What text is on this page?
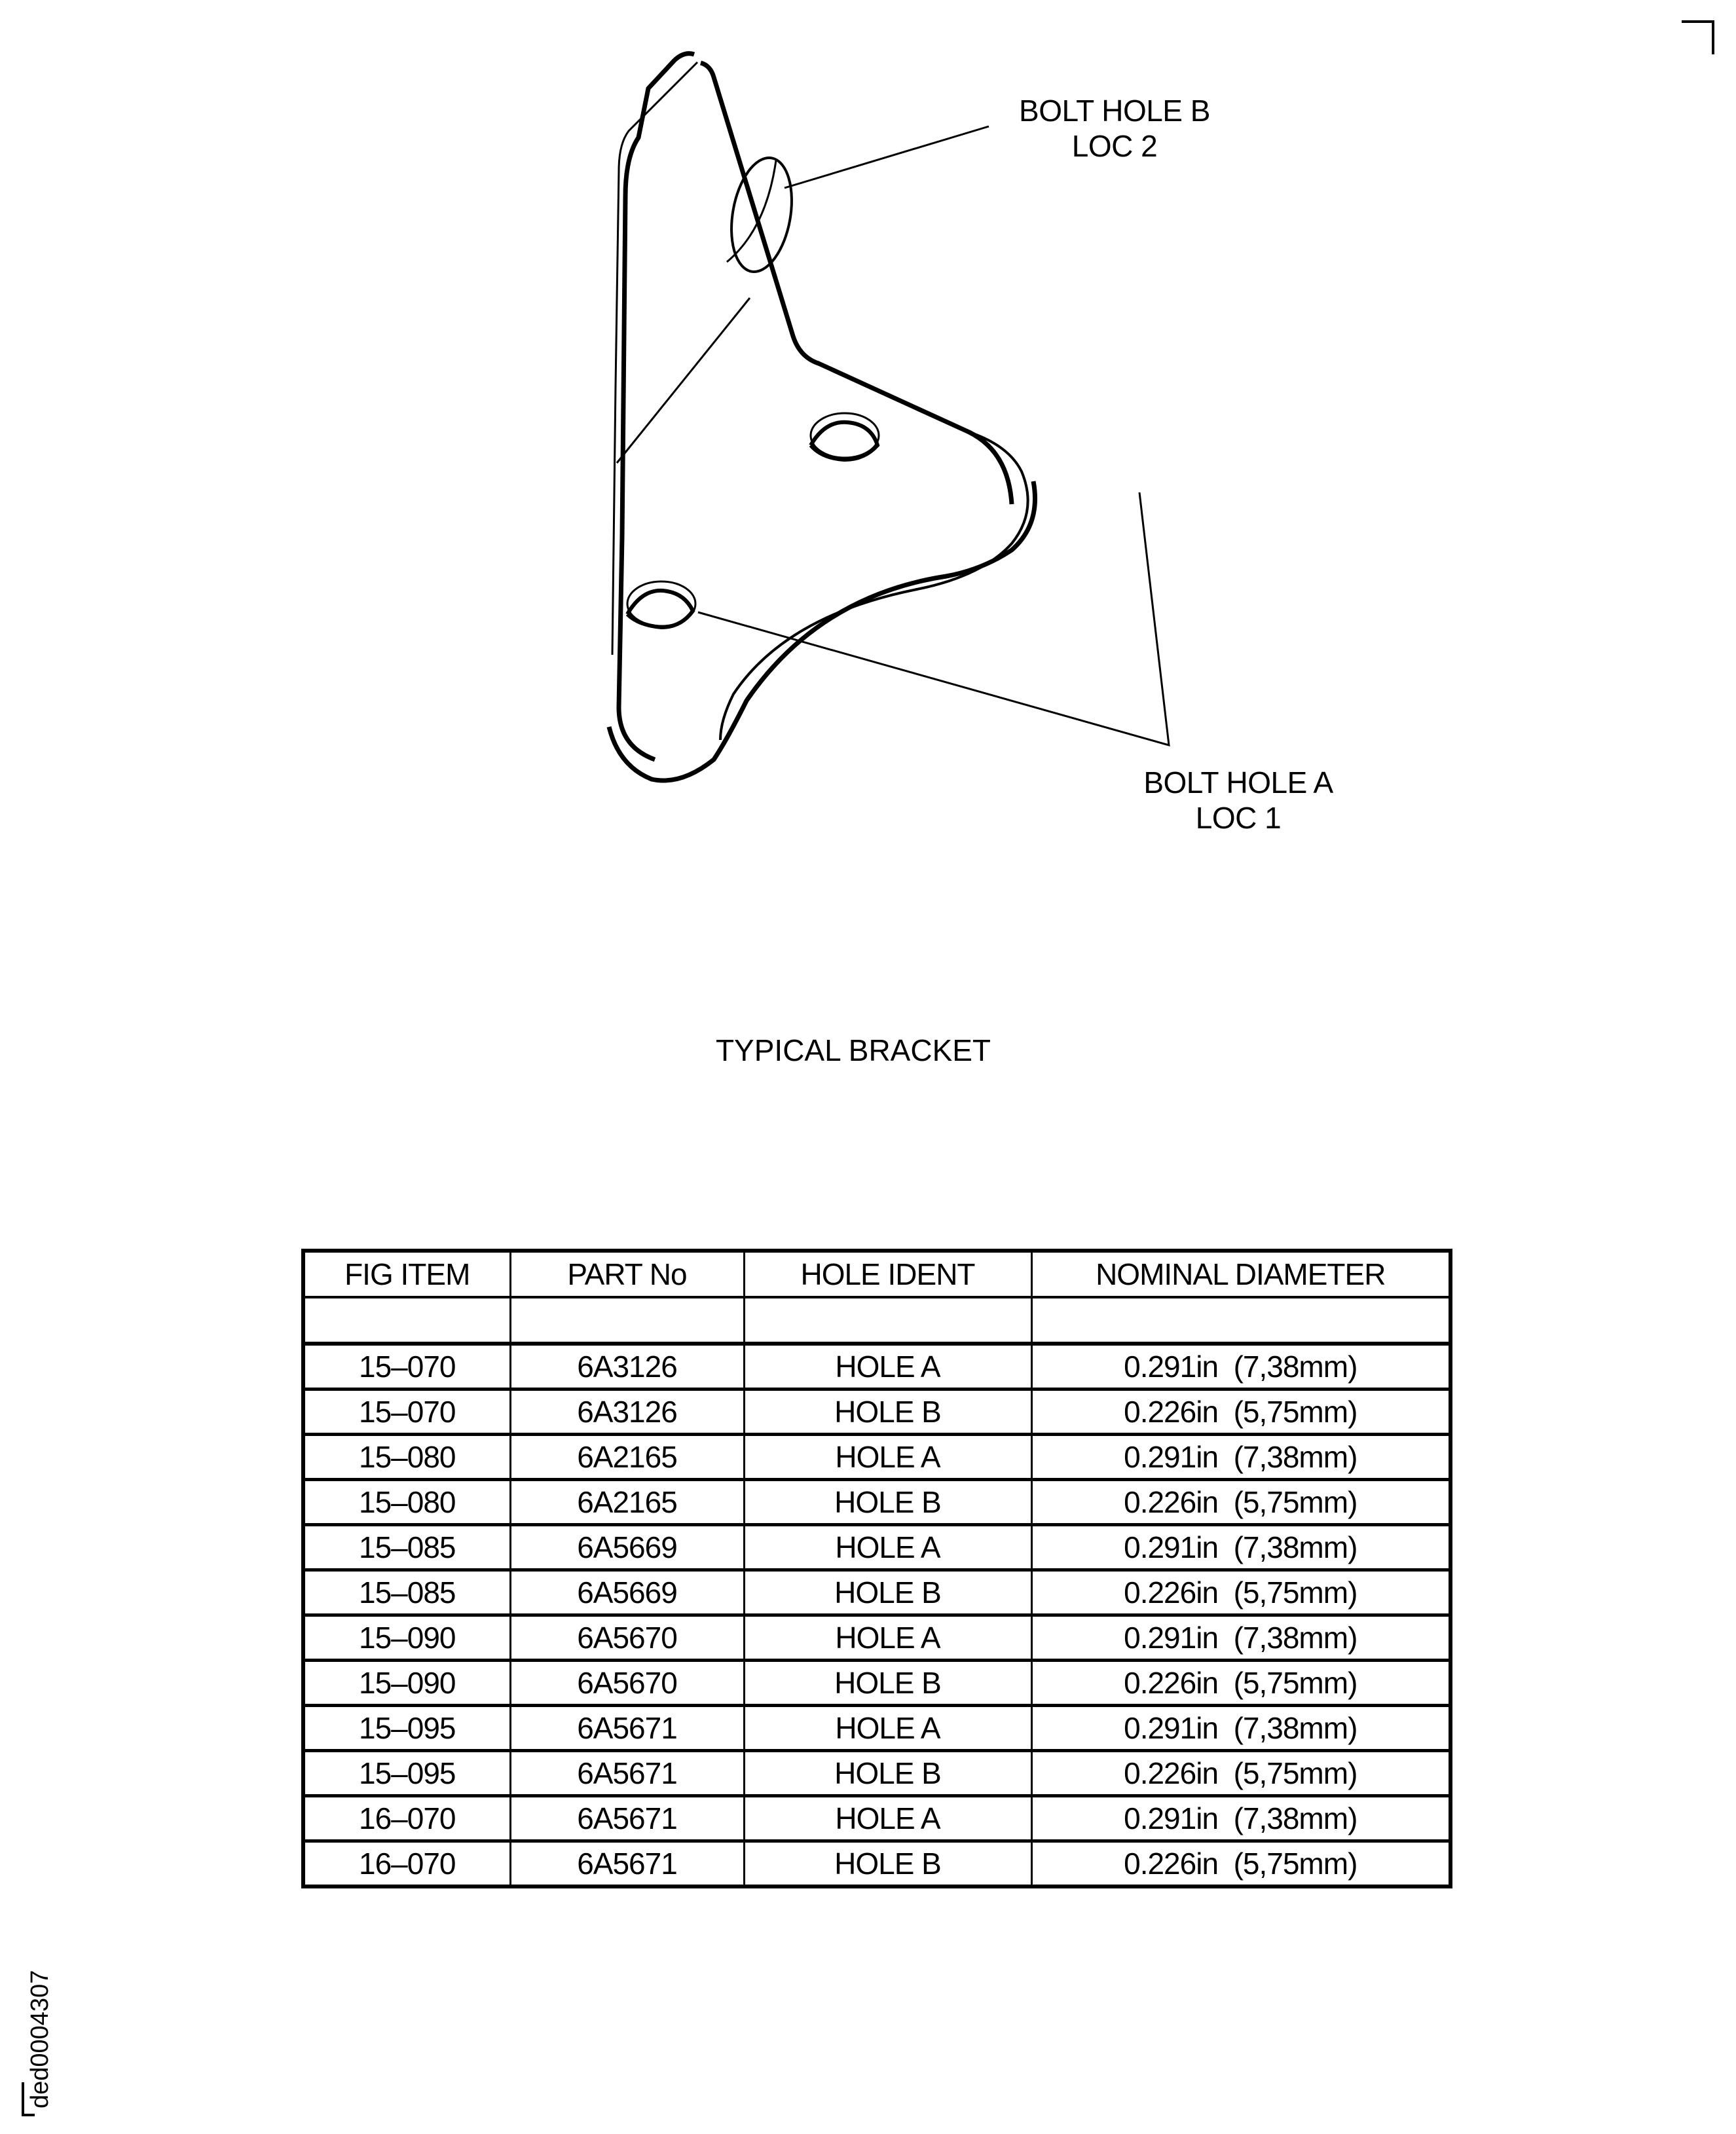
BOLT HOLE B
LOC 2
BOLT HOLE A
LOC 1
TYPICAL BRACKET
FIG ITEM	PART No	HOLE IDENT	NOMINAL DIAMETER

15–070	6A3126	HOLE A	0.291in  (7,38mm)
15–070	6A3126	HOLE B	0.226in  (5,75mm)
15–080	6A2165	HOLE A	0.291in  (7,38mm)
15–080	6A2165	HOLE B	0.226in  (5,75mm)
15–085	6A5669	HOLE A	0.291in  (7,38mm)
15–085	6A5669	HOLE B	0.226in  (5,75mm)
15–090	6A5670	HOLE A	0.291in  (7,38mm)
15–090	6A5670	HOLE B	0.226in  (5,75mm)
15–095	6A5671	HOLE A	0.291in  (7,38mm)
15–095	6A5671	HOLE B	0.226in  (5,75mm)
16–070	6A5671	HOLE A	0.291in  (7,38mm)
16–070	6A5671	HOLE B	0.226in  (5,75mm)
ded0004307
